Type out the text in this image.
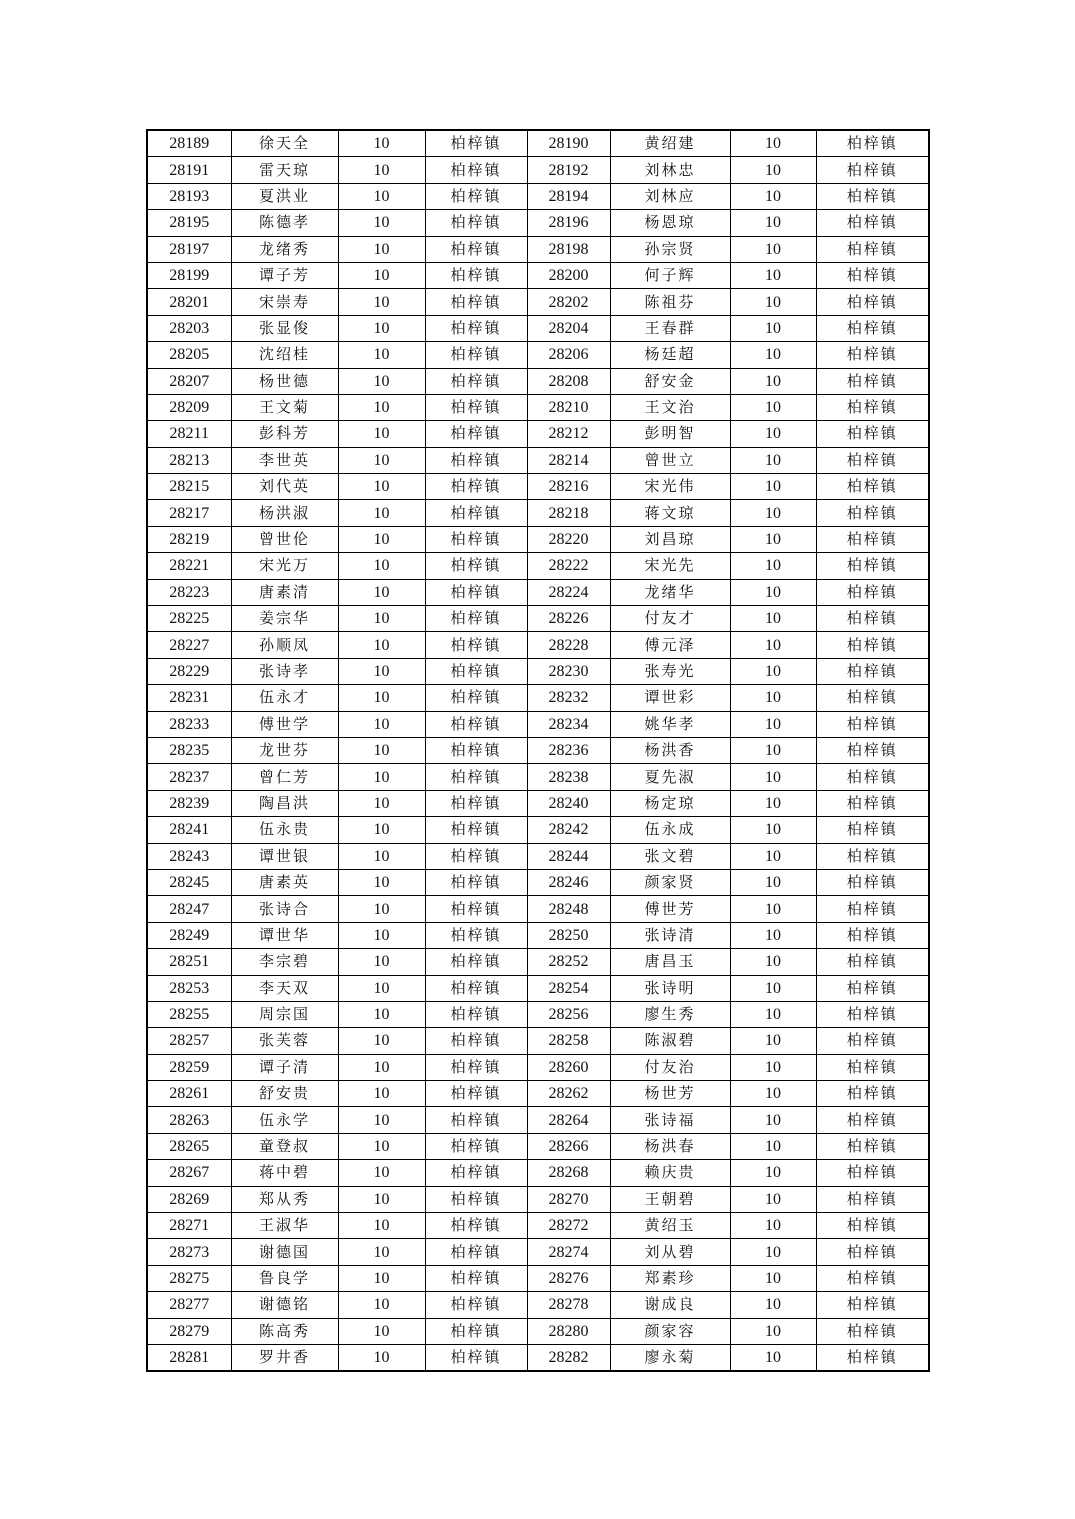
28189	徐天全	10	柏梓镇	28190	黄绍建	10	柏梓镇
28191	雷天琼	10	柏梓镇	28192	刘林忠	10	柏梓镇
28193	夏洪业	10	柏梓镇	28194	刘林应	10	柏梓镇
28195	陈德孝	10	柏梓镇	28196	杨恩琼	10	柏梓镇
28197	龙绪秀	10	柏梓镇	28198	孙宗贤	10	柏梓镇
28199	谭子芳	10	柏梓镇	28200	何子辉	10	柏梓镇
28201	宋崇寿	10	柏梓镇	28202	陈祖芬	10	柏梓镇
28203	张显俊	10	柏梓镇	28204	王春群	10	柏梓镇
28205	沈绍桂	10	柏梓镇	28206	杨廷超	10	柏梓镇
28207	杨世德	10	柏梓镇	28208	舒安金	10	柏梓镇
28209	王文菊	10	柏梓镇	28210	王文治	10	柏梓镇
28211	彭科芳	10	柏梓镇	28212	彭明智	10	柏梓镇
28213	李世英	10	柏梓镇	28214	曾世立	10	柏梓镇
28215	刘代英	10	柏梓镇	28216	宋光伟	10	柏梓镇
28217	杨洪淑	10	柏梓镇	28218	蒋文琼	10	柏梓镇
28219	曾世伦	10	柏梓镇	28220	刘昌琼	10	柏梓镇
28221	宋光万	10	柏梓镇	28222	宋光先	10	柏梓镇
28223	唐素清	10	柏梓镇	28224	龙绪华	10	柏梓镇
28225	姜宗华	10	柏梓镇	28226	付友才	10	柏梓镇
28227	孙顺凤	10	柏梓镇	28228	傅元泽	10	柏梓镇
28229	张诗孝	10	柏梓镇	28230	张寿光	10	柏梓镇
28231	伍永才	10	柏梓镇	28232	谭世彩	10	柏梓镇
28233	傅世学	10	柏梓镇	28234	姚华孝	10	柏梓镇
28235	龙世芬	10	柏梓镇	28236	杨洪香	10	柏梓镇
28237	曾仁芳	10	柏梓镇	28238	夏先淑	10	柏梓镇
28239	陶昌洪	10	柏梓镇	28240	杨定琼	10	柏梓镇
28241	伍永贵	10	柏梓镇	28242	伍永成	10	柏梓镇
28243	谭世银	10	柏梓镇	28244	张文碧	10	柏梓镇
28245	唐素英	10	柏梓镇	28246	颜家贤	10	柏梓镇
28247	张诗合	10	柏梓镇	28248	傅世芳	10	柏梓镇
28249	谭世华	10	柏梓镇	28250	张诗清	10	柏梓镇
28251	李宗碧	10	柏梓镇	28252	唐昌玉	10	柏梓镇
28253	李天双	10	柏梓镇	28254	张诗明	10	柏梓镇
28255	周宗国	10	柏梓镇	28256	廖生秀	10	柏梓镇
28257	张芙蓉	10	柏梓镇	28258	陈淑碧	10	柏梓镇
28259	谭子清	10	柏梓镇	28260	付友治	10	柏梓镇
28261	舒安贵	10	柏梓镇	28262	杨世芳	10	柏梓镇
28263	伍永学	10	柏梓镇	28264	张诗福	10	柏梓镇
28265	童登叔	10	柏梓镇	28266	杨洪春	10	柏梓镇
28267	蒋中碧	10	柏梓镇	28268	赖庆贵	10	柏梓镇
28269	郑从秀	10	柏梓镇	28270	王朝碧	10	柏梓镇
28271	王淑华	10	柏梓镇	28272	黄绍玉	10	柏梓镇
28273	谢德国	10	柏梓镇	28274	刘从碧	10	柏梓镇
28275	鲁良学	10	柏梓镇	28276	郑素珍	10	柏梓镇
28277	谢德铭	10	柏梓镇	28278	谢成良	10	柏梓镇
28279	陈高秀	10	柏梓镇	28280	颜家容	10	柏梓镇
28281	罗井香	10	柏梓镇	28282	廖永菊	10	柏梓镇
